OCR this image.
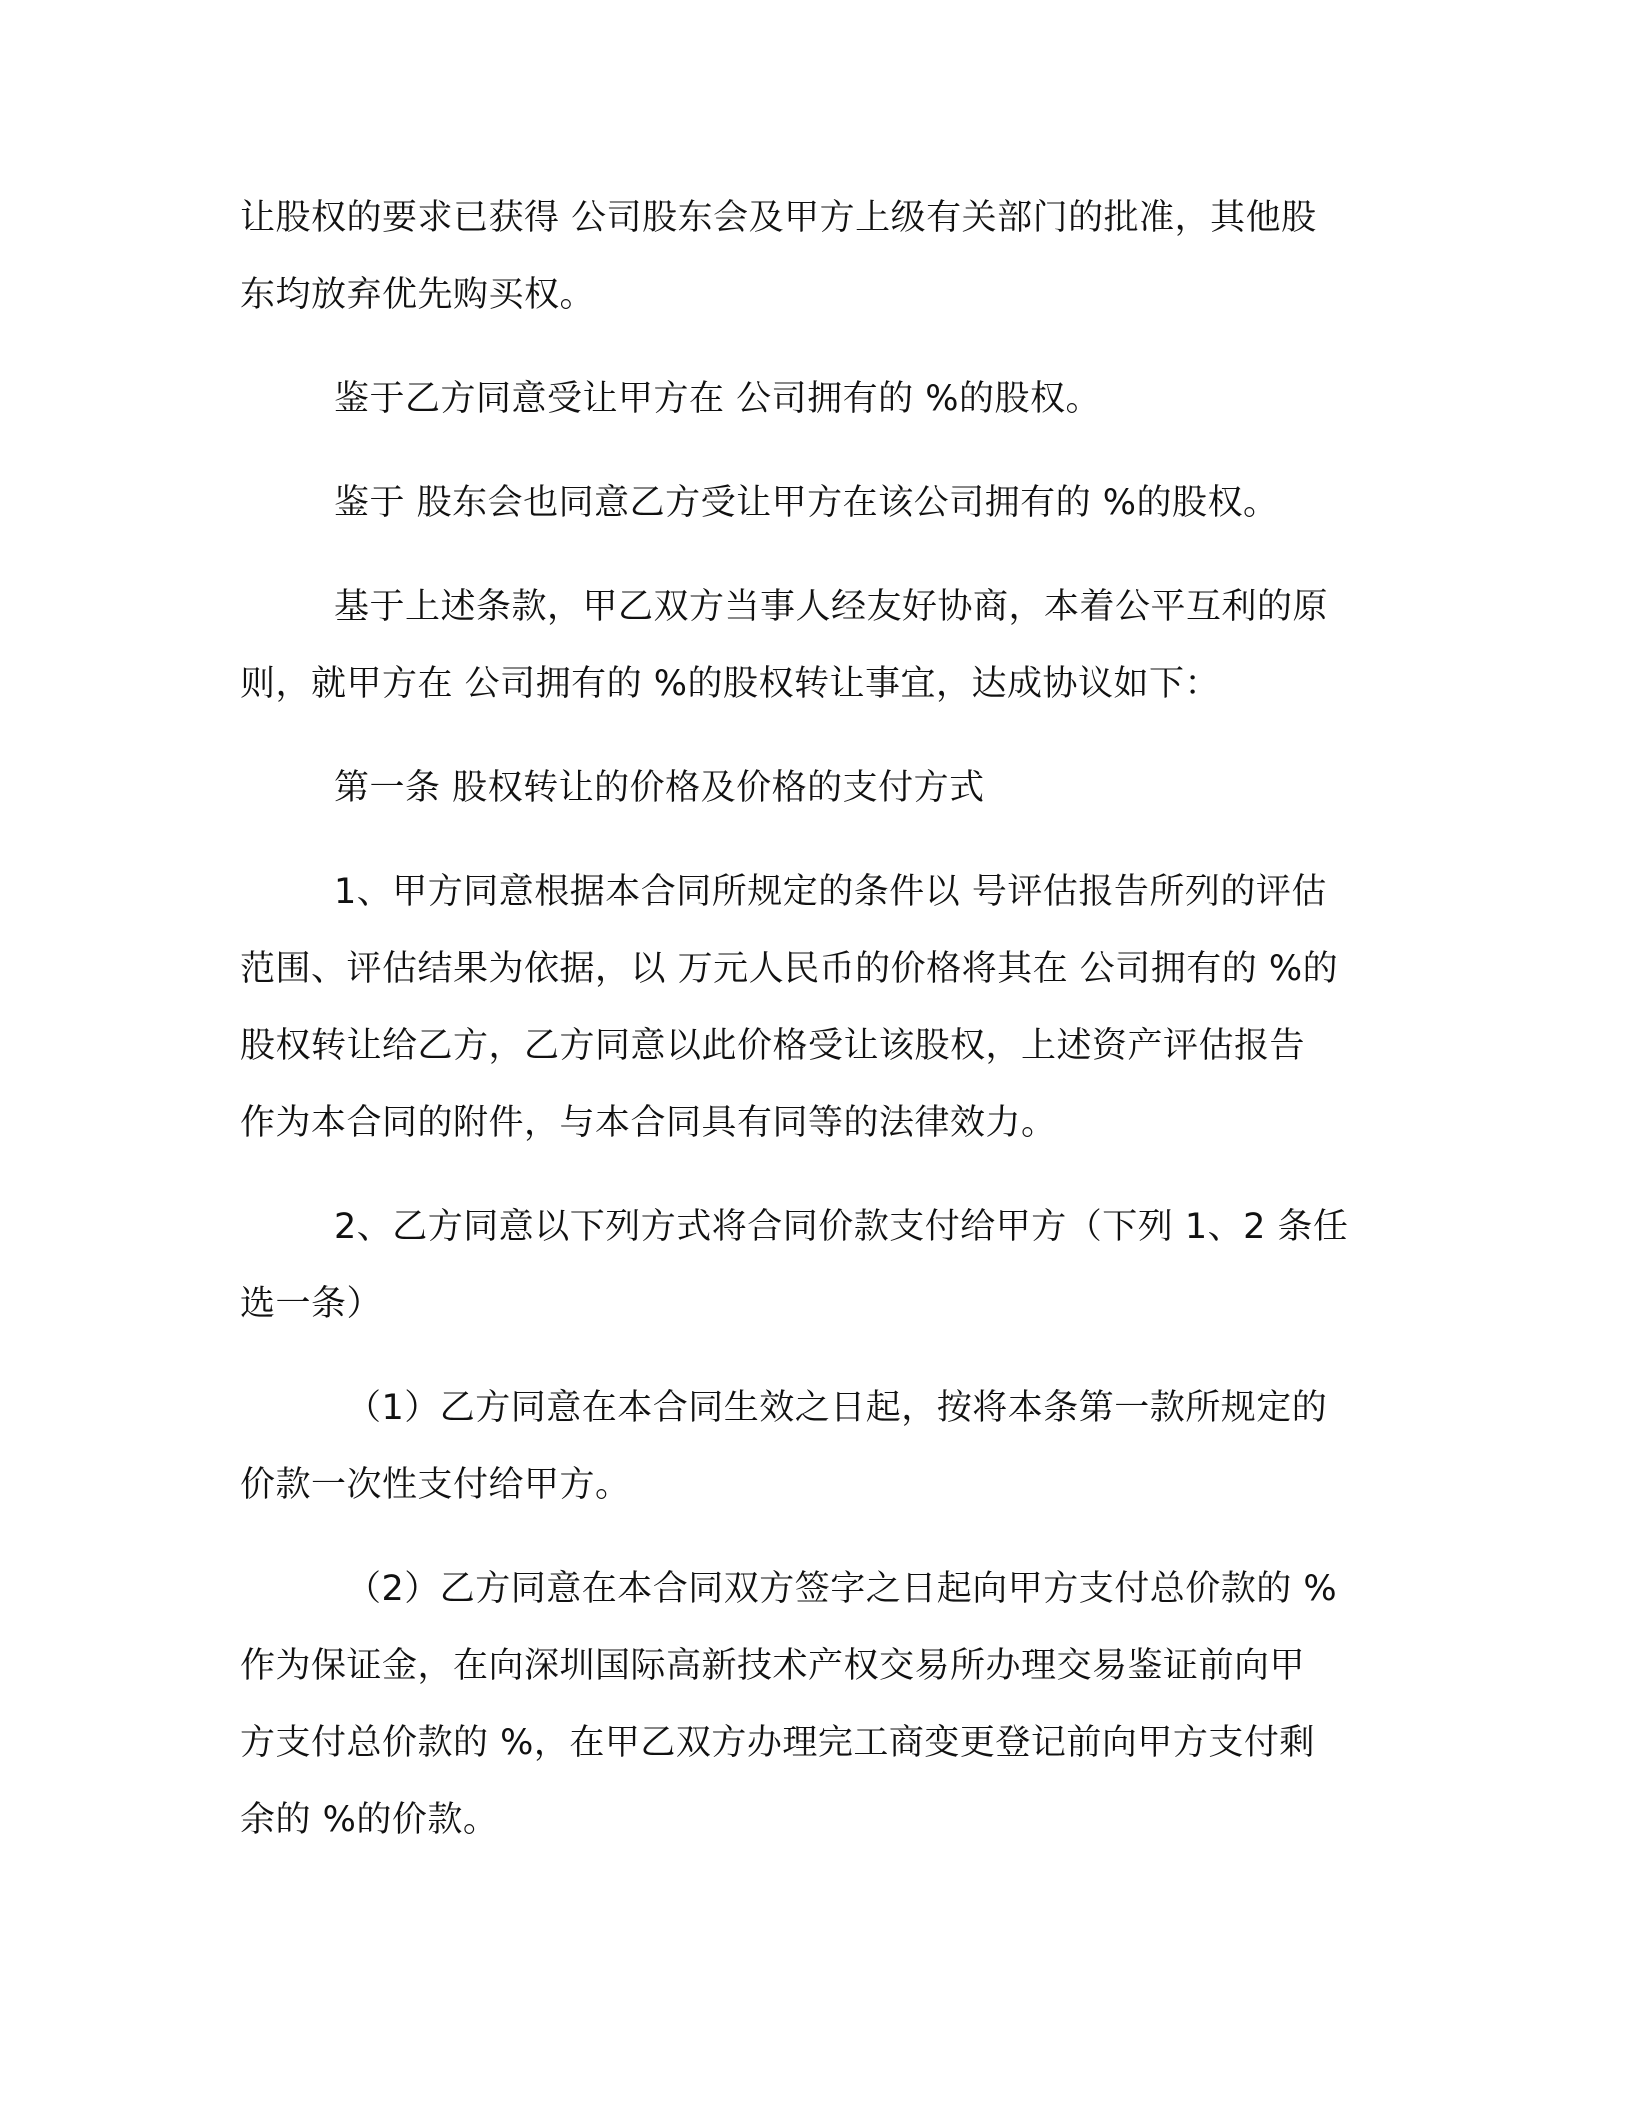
让股权的要求已获得 公司股东会及甲方上级有关部门的批准，其他股
东均放弃优先购买权。
鉴于乙方同意受让甲方在 公司拥有的 %的股权。
鉴于 股东会也同意乙方受让甲方在该公司拥有的 %的股权。
基于上述条款，甲乙双方当事人经友好协商，本着公平互利的原
则，就甲方在 公司拥有的 %的股权转让事宜，达成协议如下：
第一条 股权转让的价格及价格的支付方式
1、甲方同意根据本合同所规定的条件以 号评估报告所列的评估
范围、评估结果为依据，以 万元人民币的价格将其在 公司拥有的 %的
股权转让给乙方，乙方同意以此价格受让该股权，上述资产评估报告
作为本合同的附件，与本合同具有同等的法律效力。
2、乙方同意以下列方式将合同价款支付给甲方（下列 1、2 条任
选一条）
（1）乙方同意在本合同生效之日起，按将本条第一款所规定的
价款一次性支付给甲方。
（2）乙方同意在本合同双方签字之日起向甲方支付总价款的 %
作为保证金，在向深圳国际高新技术产权交易所办理交易鉴证前向甲
方支付总价款的 %，在甲乙双方办理完工商变更登记前向甲方支付剩
余的 %的价款。
